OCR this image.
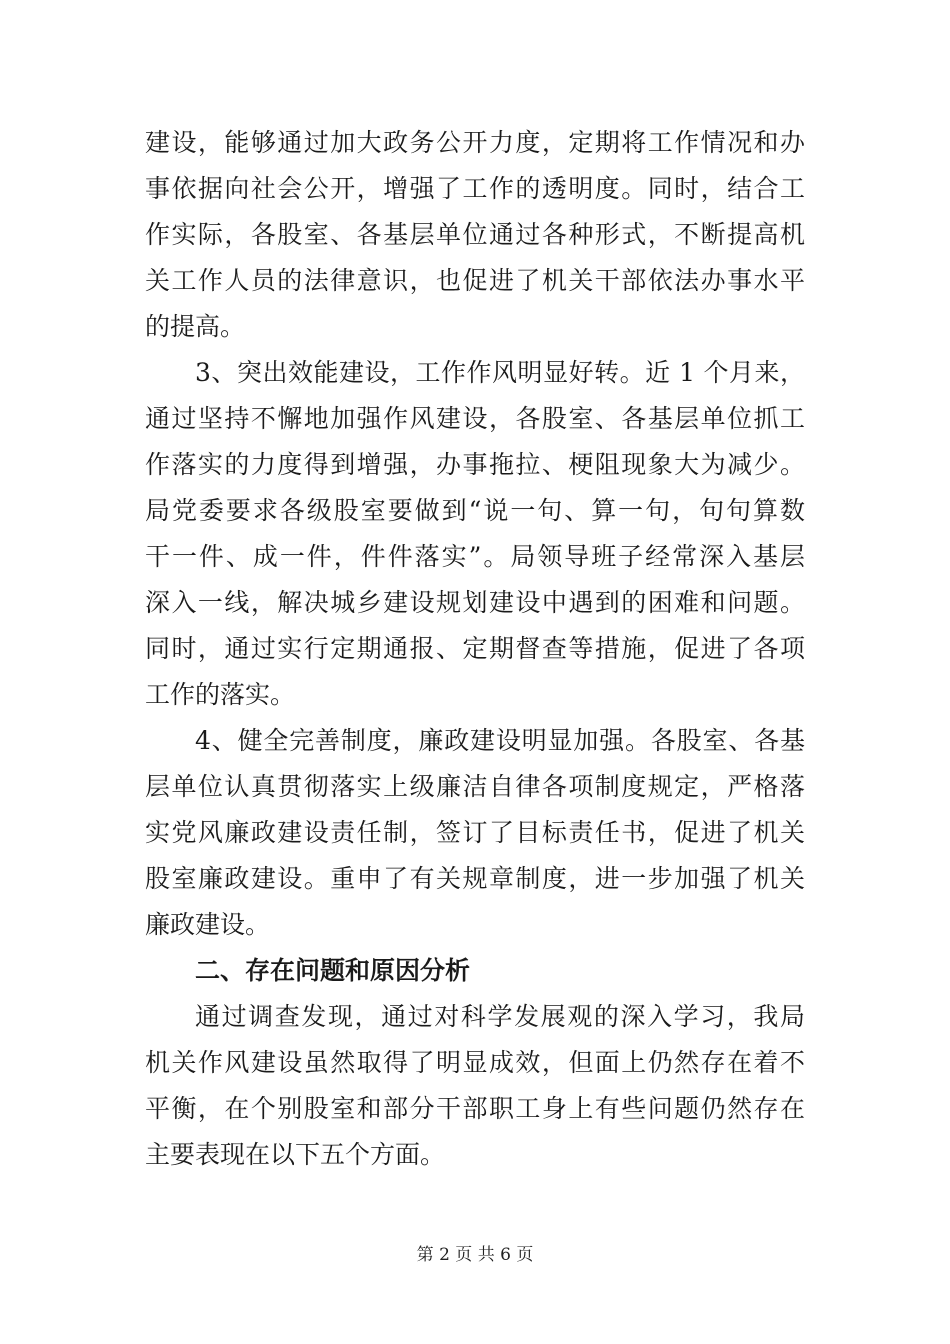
建设，能够通过加大政务公开力度，定期将工作情况和办
事依据向社会公开，增强了工作的透明度。同时，结合工
作实际，各股室、各基层单位通过各种形式，不断提高机
关工作人员的法律意识，也促进了机关干部依法办事水平
的提高。
3、突出效能建设，工作作风明显好转。近 1 个月来，
通过坚持不懈地加强作风建设，各股室、各基层单位抓工
作落实的力度得到增强，办事拖拉、梗阻现象大为减少。
局党委要求各级股室要做到“说一句、算一句，句句算数
干一件、成一件，件件落实”。局领导班子经常深入基层
深入一线，解决城乡建设规划建设中遇到的困难和问题。
同时，通过实行定期通报、定期督查等措施，促进了各项
工作的落实。
4、健全完善制度，廉政建设明显加强。各股室、各基
层单位认真贯彻落实上级廉洁自律各项制度规定，严格落
实党风廉政建设责任制，签订了目标责任书，促进了机关
股室廉政建设。重申了有关规章制度，进一步加强了机关
廉政建设。
二、存在问题和原因分析
通过调查发现，通过对科学发展观的深入学习，我局
机关作风建设虽然取得了明显成效，但面上仍然存在着不
平衡，在个别股室和部分干部职工身上有些问题仍然存在
主要表现在以下五个方面。
第 2 页 共 6 页
